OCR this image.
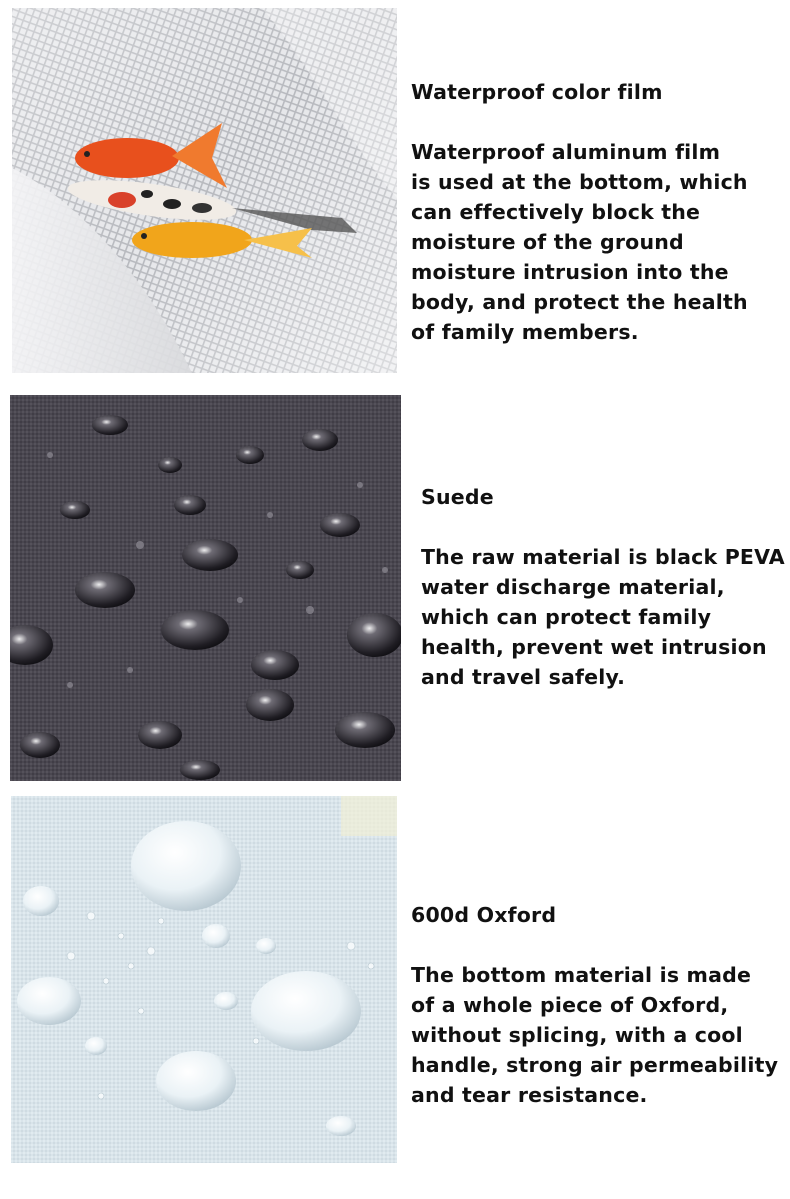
Waterproof color film

Waterproof aluminum film

is used at the bottom, which

can effectively block the

moisture of the ground

moisture intrusion into the

body, and protect the health

of family members.

Suede

The raw material is black PEVA

water discharge material,

which can protect family

health, prevent wet intrusion

and travel safely.

600d Oxford

The bottom material is made

of a whole piece of Oxford,

without splicing, with a cool

handle, strong air permeability

and tear resistance.
